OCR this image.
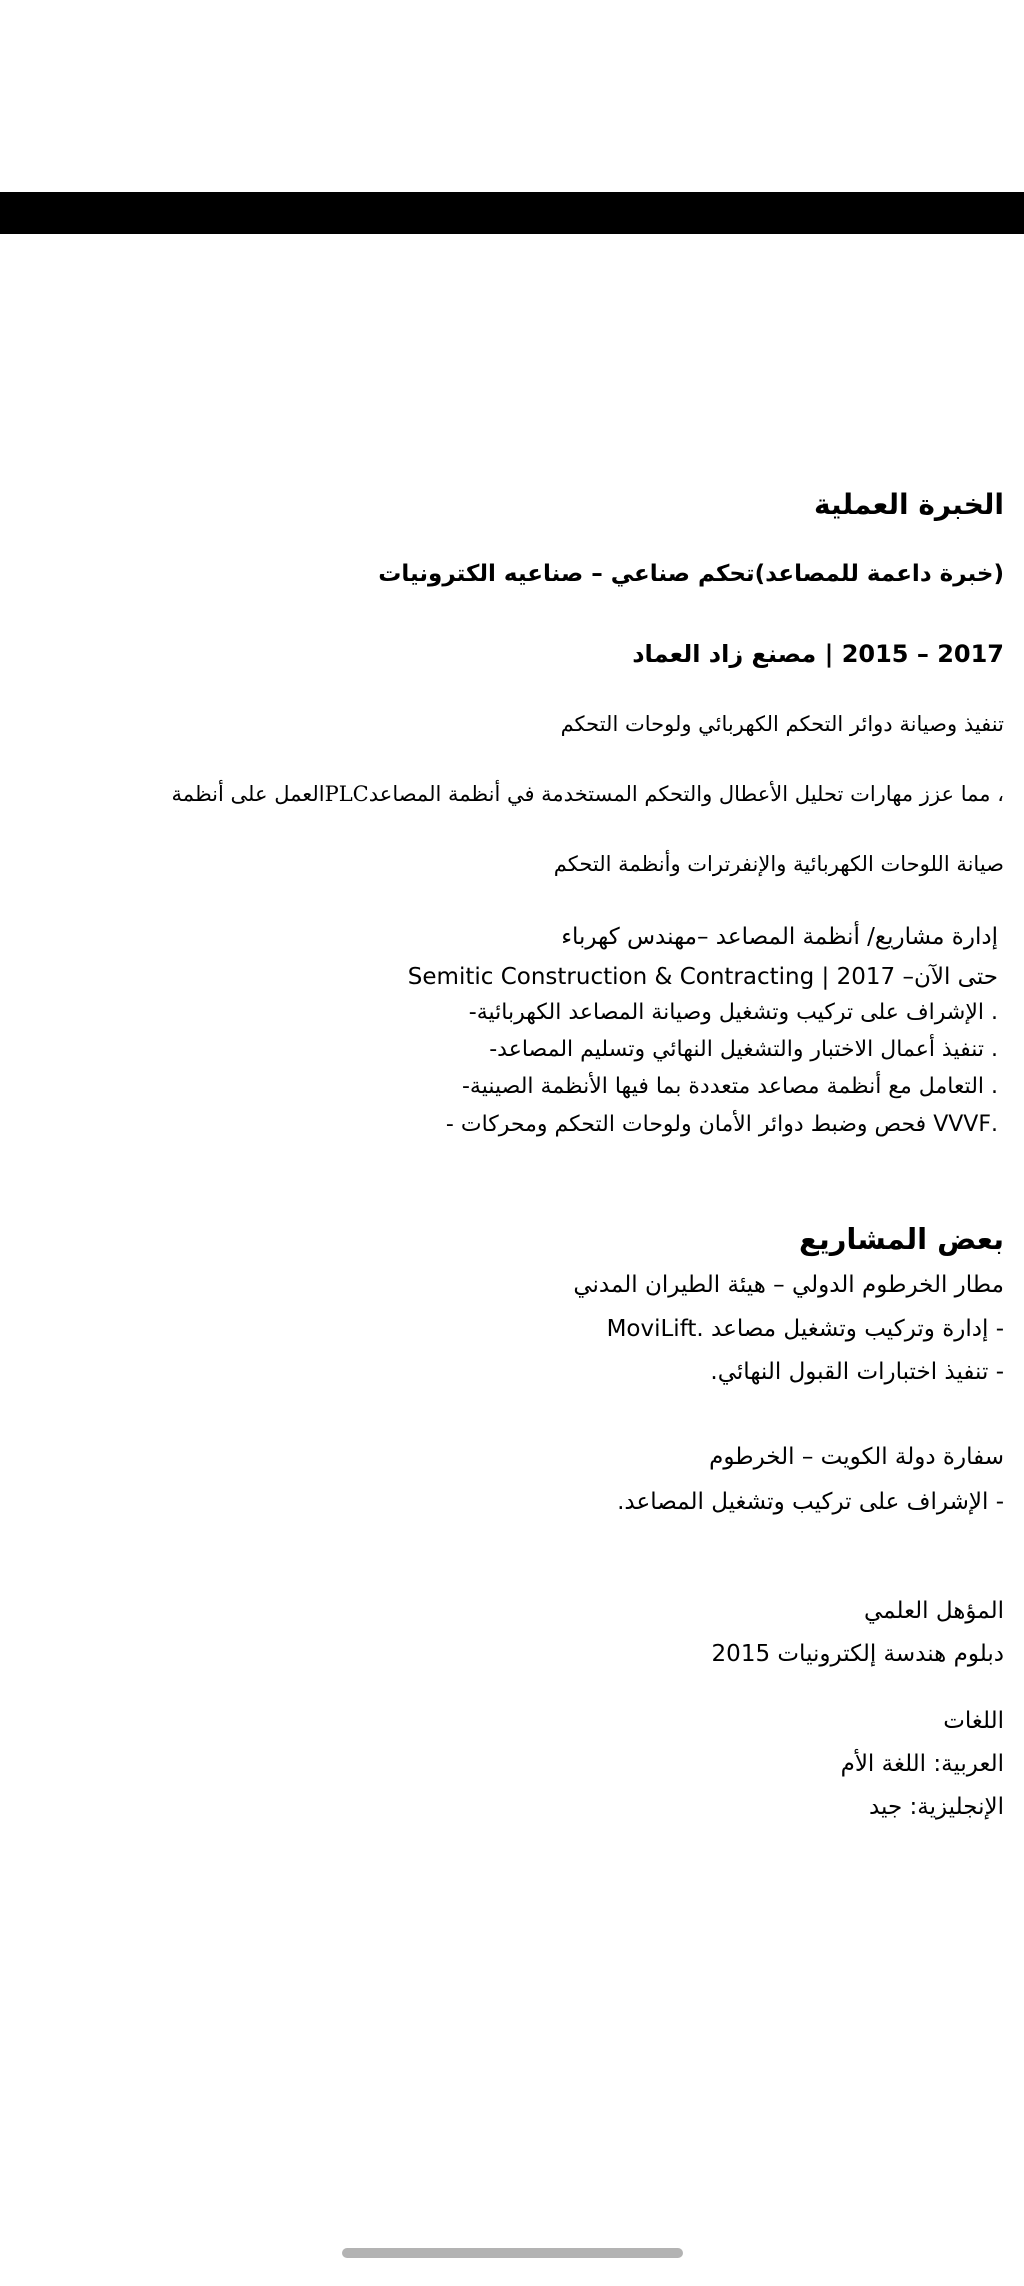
الخبرة العملية
(خبرة داعمة للمصاعد)تحكم صناعي – صناعيه الكترونيات
2017 – 2015 | مصنع زاد العماد
تنفيذ وصيانة دوائر التحكم الكهربائي ولوحات التحكم
، مما عزز مهارات تحليل الأعطال والتحكم المستخدمة في أنظمة المصاعدPLCالعمل على أنظمة
صيانة اللوحات الكهربائية والإنفرترات وأنظمة التحكم
إدارة مشاريع/ أنظمة المصاعد –مهندس كهرباء
حتى الآن– 2017 | Semitic Construction & Contracting
. الإشراف على تركيب وتشغيل وصيانة المصاعد الكهربائية-
. تنفيذ أعمال الاختبار والتشغيل النهائي وتسليم المصاعد-
. التعامل مع أنظمة مصاعد متعددة بما فيها الأنظمة الصينية-
.VVVF فحص وضبط دوائر الأمان ولوحات التحكم ومحركات -
بعض المشاريع
مطار الخرطوم الدولي – هيئة الطيران المدني
- إدارة وتركيب وتشغيل مصاعد .MoviLift
- تنفيذ اختبارات القبول النهائي.
سفارة دولة الكويت – الخرطوم
- الإشراف على تركيب وتشغيل المصاعد.
المؤهل العلمي
دبلوم هندسة إلكترونيات 2015
اللغات
العربية: اللغة الأم
الإنجليزية: جيد
